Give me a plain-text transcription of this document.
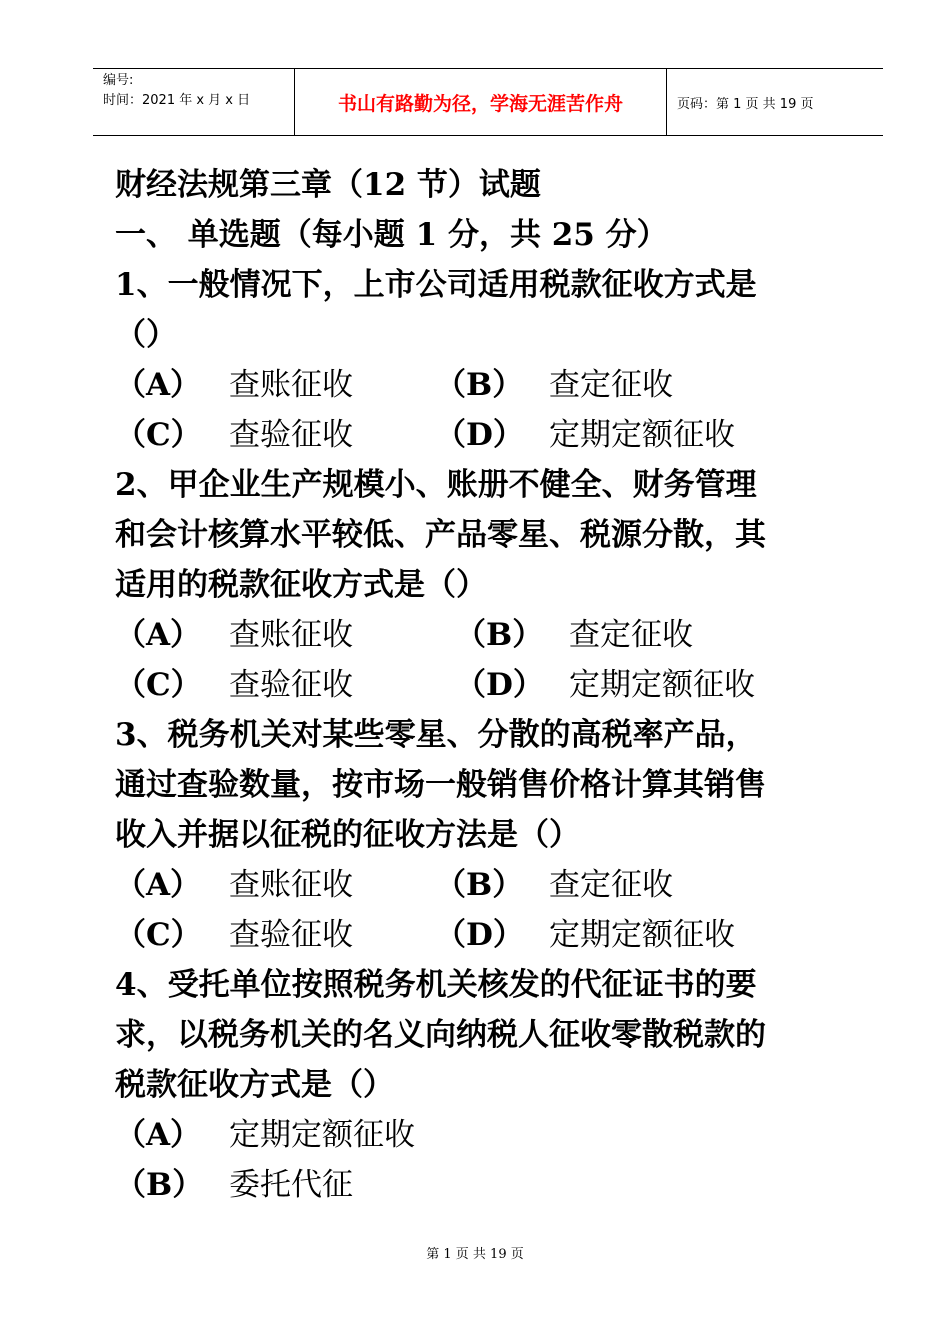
编号:
时间：2021 年 x 月 x 日	书山有路勤为径，学海无涯苦作舟	页码：第 1 页 共 19 页
财经法规第三章（12 节）试题
一、 单选题（每小题 1 分，共 25 分）
1、一般情况下，上市公司适用税款征收方式是
（）
（A） 查账征收	（B） 查定征收
（C） 查验征收	（D） 定期定额征收
2、甲企业生产规模小、账册不健全、财务管理
和会计核算水平较低、产品零星、税源分散，其
适用的税款征收方式是（）
（A） 查账征收	（B） 查定征收
（C） 查验征收	（D） 定期定额征收
3、税务机关对某些零星、分散的高税率产品，
通过查验数量，按市场一般销售价格计算其销售
收入并据以征税的征收方法是（）
（A） 查账征收	（B） 查定征收
（C） 查验征收	（D） 定期定额征收
4、受托单位按照税务机关核发的代征证书的要
求，以税务机关的名义向纳税人征收零散税款的
税款征收方式是（）
（A） 定期定额征收
（B） 委托代征
第 1 页 共 19 页
